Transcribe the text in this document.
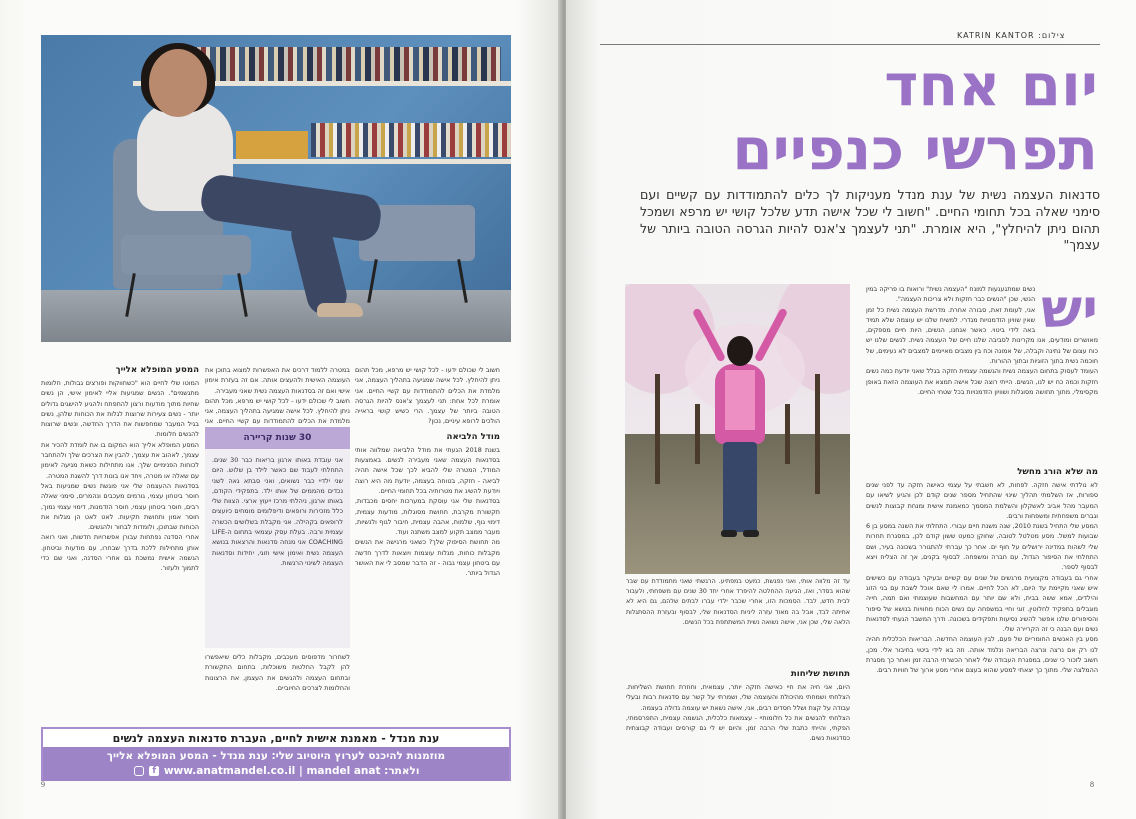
במטרה ללמוד דרכים את האפשרות למצוא בתוכן את העוצמה האישית ולהעצים אותה. אם זה בעזרת אימון אישי ואם זה בסדנאות העצמה נשית שאני מעבירה.
חשוב לי שכולם ידעו - לכל קושי יש מרפא, מכל תהום ניתן להיחלץ. לכל אישה שמגיעה בתהליך העצמה, אני מלמדת את הכלים להתמודדות עם קשיי החיים. אני
חשוב לי שכולם ידעו - לכל קושי יש מרפא, מכל תהום ניתן להיחלץ. לכל אישה שמגיעה בתהליך העצמה, אני מלמדת את הכלים להתמודדות עם קשיי החיים. אני אומרת לכל אחת: תני לעצמך צ'אנס להיות הגרסה הטובה ביותר של עצמך. הרי כשיש קושי בראייה הולכים לרופא עיניים, נכון?
מודל הלביאה
בשנת 2018 הגעתי את מודל הלביאה שמלווה אותי בסדנאות העצמה שאני מעבירה לנשים. באמצעות המודל, המטרה שלי להביא לכך שכל אישה תהיה לביאה - חזקה, בטוחה בעצמה, יודעת מה היא רוצה ויודעת להשיג את מטרותיה בכל תחומי החיים.
בסדנאות שלי אני עוסקת במערכות יחסים מכבדות, תקשורת מקרבת, תחושת מסוגלות, מודעות עצמית, דימוי גוף, שלמות, אהבה עצמית, חיבור לגוף ולנשיות, מעבר ממצב תקוע למצב משתנה ועוד.
מה תחושת הסיפוק שלך? כשאני מרגישה את הנשים מקבלות כוחות, מגלות עוצמות ויוצאות לדרך חדשה עם ביטחון עצמי גבוה - זה הדבר שמסב לי את האושר הגדול ביותר.
30 שנות קריירה
אני עובדת באותו ארגון בריאות כבר 30 שנים. התחלתי לעבוד שם כאשר לילד בן שלוש. היום שני ילדיי כבר נשואים, ואני סבתא גאה לשני נכדים מהממים של אותו ילד. בתפקידי הקודם, באותו ארגון, ניהלתי מרכז ייעוץ ארצי. הצוות שלי כלל מזכירות ורופאים ודיפלומים מומחים כיועצים לרופאים בקהילה. אני מקבלת בשלושים הכשרה עצמית ורבה. בעלת עסק עצמאי בתחום ה-LIFE COACHING אני מנחה סדנאות והרצאות בנושא העצמה נשית ואימון אישי וזוגי, יחידות וסדנאות העצמה לשינוי הרגשות.
לשחרור מדפוסים מעכבים, מקבלות כלים שיאפשרו להן לקבל החלטות משוכלות, בתחום התקשורת ובתחום העצמה ולהגשים את העצמן, את הרצונות והחלומות לצרכים החיוביים.
המסע המופלא אלייך
המוטו שלי לחיים הוא "כשחווקות ופורצים גבולות, חלומות מתגשמים". הנשים שמגיעות אליי לאימון אישי, הן נשים שחיות מתוך מודעות ורצון להתפתח ולהגיע להישגים גדולים יותר - נשים צעירות שרוצות לגלות את הכוחות שלהן, נשים בגיל המעבר שמחפשות את הדרך החדשה, ונשים שרוצות להגשים חלומות.
המסע המופלא אלייך הוא המקום בו את לומדת להכיר את עצמך, לאהוב את עצמך, להבין את הצרכים שלך ולהתחבר לכוחות הפנימיים שלך. אנו מתחילות כשאת מגיעה לאימון עם שאלה או מטרה, ויחד אנו בונות דרך להשגת המטרה.
בסדנאות ההעצמה שלי אני פוגשת נשים שמגיעות באל חוסר ביטחון עצמי, גורמים מעכבים ונהמרים, סימני שאלה רבים, חוסר ביטחון עצמי, חוסר הזדמנות, דימוי עצמי נמוך, חוסר אמון ותחושת תקיעות. לאט לאט הן מגלות את הכוחות שבתוכן, ולומדות לבחור ולהגשים.
אחרי הסדנה נפתחות עבורן אפשרויות חדשות, ואני רואה אותן מתחילות ללכת בדרך שבחרו, עם מודעות וביטחון. הגשמה אישית נמשכת גם אחרי הסדנה, ואני שם כדי לתמוך ולעזור.
ענת מנדל - מאמנת אישית לחיים, העברת סדנאות העצמה לנשים
מוזמנות להיכנס לערוץ היוטיוב שלי: ענת מנדל - המסע המופלא אלייך
ולאתר: www.anatmandel.co.il | mandel anat f
9
צילום: KATRIN KANTOR
יום אחד
תפרשי כנפיים
סדנאות העצמה נשית של ענת מנדל מעניקות לך כלים להתמודדות עם קשיים ועם סימני שאלה בכל תחומי החיים. "חשוב לי שכל אישה תדע שלכל קושי יש מרפא ושמכל תהום ניתן להיחלץ", היא אומרת. "תני לעצמך צ'אנס להיות הגרסה הטובה ביותר של עצמך"
יש
נשים שמתגעגעות למונח "העצמה נשית" ורואות בו פריקה במין הנשי, שכן "הנשים כבר חזקות ולא צריכות העצמה".
אני, לעומת זאת, סבורה אחרת. מדרשת העצמה נשית כל זמן שאין שוויון הזדמנויות מגדרי. למשיח שלנו יש עוצמה שלא תמיד באה לידי ביטוי. כאשר אנחנו, הנשים, היות חיים מספקים, מאושרים ומודעים, אנו מקרינות לסביבה שלנו חיים של העצמה נשית. לנשים שלנו יש כוח עצום של נתינה וקבלה, של אמונה וכח בין מצבים מאיימים למצבים לא נעימים, של חוכמה נשית בתוך הזוגיות ובתוך ההורות.
העומד לעסוק בתחום העצמה נשית והגשמה עצמית חזקה בגלל שאני יודעת כמה נשים חזקות וכמה כח יש לנו, הנשים. הייתי רוצה שכל אישה תמצא את העוצמה הזאת באופן מקסימלי, מתוך תחושה מסוגלות ושוויון הזדמנויות בכל שטחי החיים.
מה שלא הורג מחשל
לא נולדתי אישה חזקה. לפחות, לא חשבתי על עצמי כאישה חזקה עד לפני שנים ספורות, אז השלמתי תהליך שינוי שהתחיל מספר שנים קודם לכן והגיע לשיאו עם המעבר מהל אביב לאשקלון והשלמת המסמך כמאמנת אישית ומנחת קבוצות לנשים וגברים משפחתית ומשפחות ורבים.
המסע שלי התחיל בשנת 2010, שנה משנת חיים עבורי. התחלתי את השנה במסע בן 6 שבועות למשל. מסע מטלטל לטובה, שחוקן כמעט ששון קודם לכן, במסגרת תחרות שלי לשהות במדינה ירושלים על חוף ים. אחר כך עברתי להתגורר בשכונה בעיר, ושם התחלתי את הסיפור הגדול, עם חברה ומשפחה. לבסוף בקנים, אך זה הצליח ויצא לבסוף לספר.
אחרי גם בעבודה מקצועית מרגשים של שנים עם קשיים ובעיקר בעבודה עם כשישים איש שאני מקיימת עד היום, לא הכל לחיים. אמרו לי שאם אוכל לשבת עם בני הזוג והילדים, אמא ששה בבית, ולא שם יותר עם המחשבות שעוצמתי ואם תמה, חייה מוגבלים בתפקיד לחלוטין. זוגי וחיי במשפחה עם נשים הכוח מחוויות בנושא של סיפור והסיפורים שלנו אפשר להשיג נסיעות ותפקידים בשכונה. ודרך המשבר הגעתי לסדנאות נשים ועם הבנה כי זה הקריירה שלי.
מסע בין האנשים החומריים של פעם, לבין העוצמה החדשה. הבריאות הכלכלית תהיה לנו רק אם נרצה ונרצה הבריאה ונלמד אותה. וזה בא לידי ביטוי בחיבור אלי. מכן, חשוב לזכור כי שנים, במסגרת העבודה שלי לאחר הכשרתי הרבה זמן ואחר כך מסגרת ההמלצה שלי. מתוך כך יצאתי למסע שהוא בעצם אחרי מסע ארוך של חוויות רבים.
עד זה מלווה אותי, ואני נפגשת, כמעט במפתיע. הרגשתי שאני מתמודדת עם שבר שהוא בסדר, ואז, הגיעה ההחלטה להיפרד אחרי יחד 30 שנים עם משפחתי, ולעבור לבית חדש, לבד. הסמכות הזו, אחרי שכבר ילדי עברו לבתים שלהם, גם היא לא אחיתה לבד, אבל בה מאוד עזרה ליניות הסדנאות שלי, לבסוף ובעזרת ההסתגלות הלאה שלי, שכן אני, אישה נשואה נשית המשתתפת בכל הנשים.
תחושת שליחות
היום, אני חיה את חיי כאישה חזקה יותר, עצמאית, וחוזרת תחושת השליחות. הצלחתי ושמחתי מהיכולת והעוצמה שלי, ושמרתי על קשר עם סדנאות רבות ובעלי עבודה על קצת ושלל חסדים רבים, אני, אישה נשאת יש עוצמה גדולה בעצמה.
הצלחתי להגשים את כל חלומותיי - עצמאות כלכלית, הגשמה עצמית, התפרסמתי, הפקתי, והייתי כתבת שלי הרבה זמן, והיום יש לי גם קורסים ועבודה קבוצתית כסדנאות נשים.
8
